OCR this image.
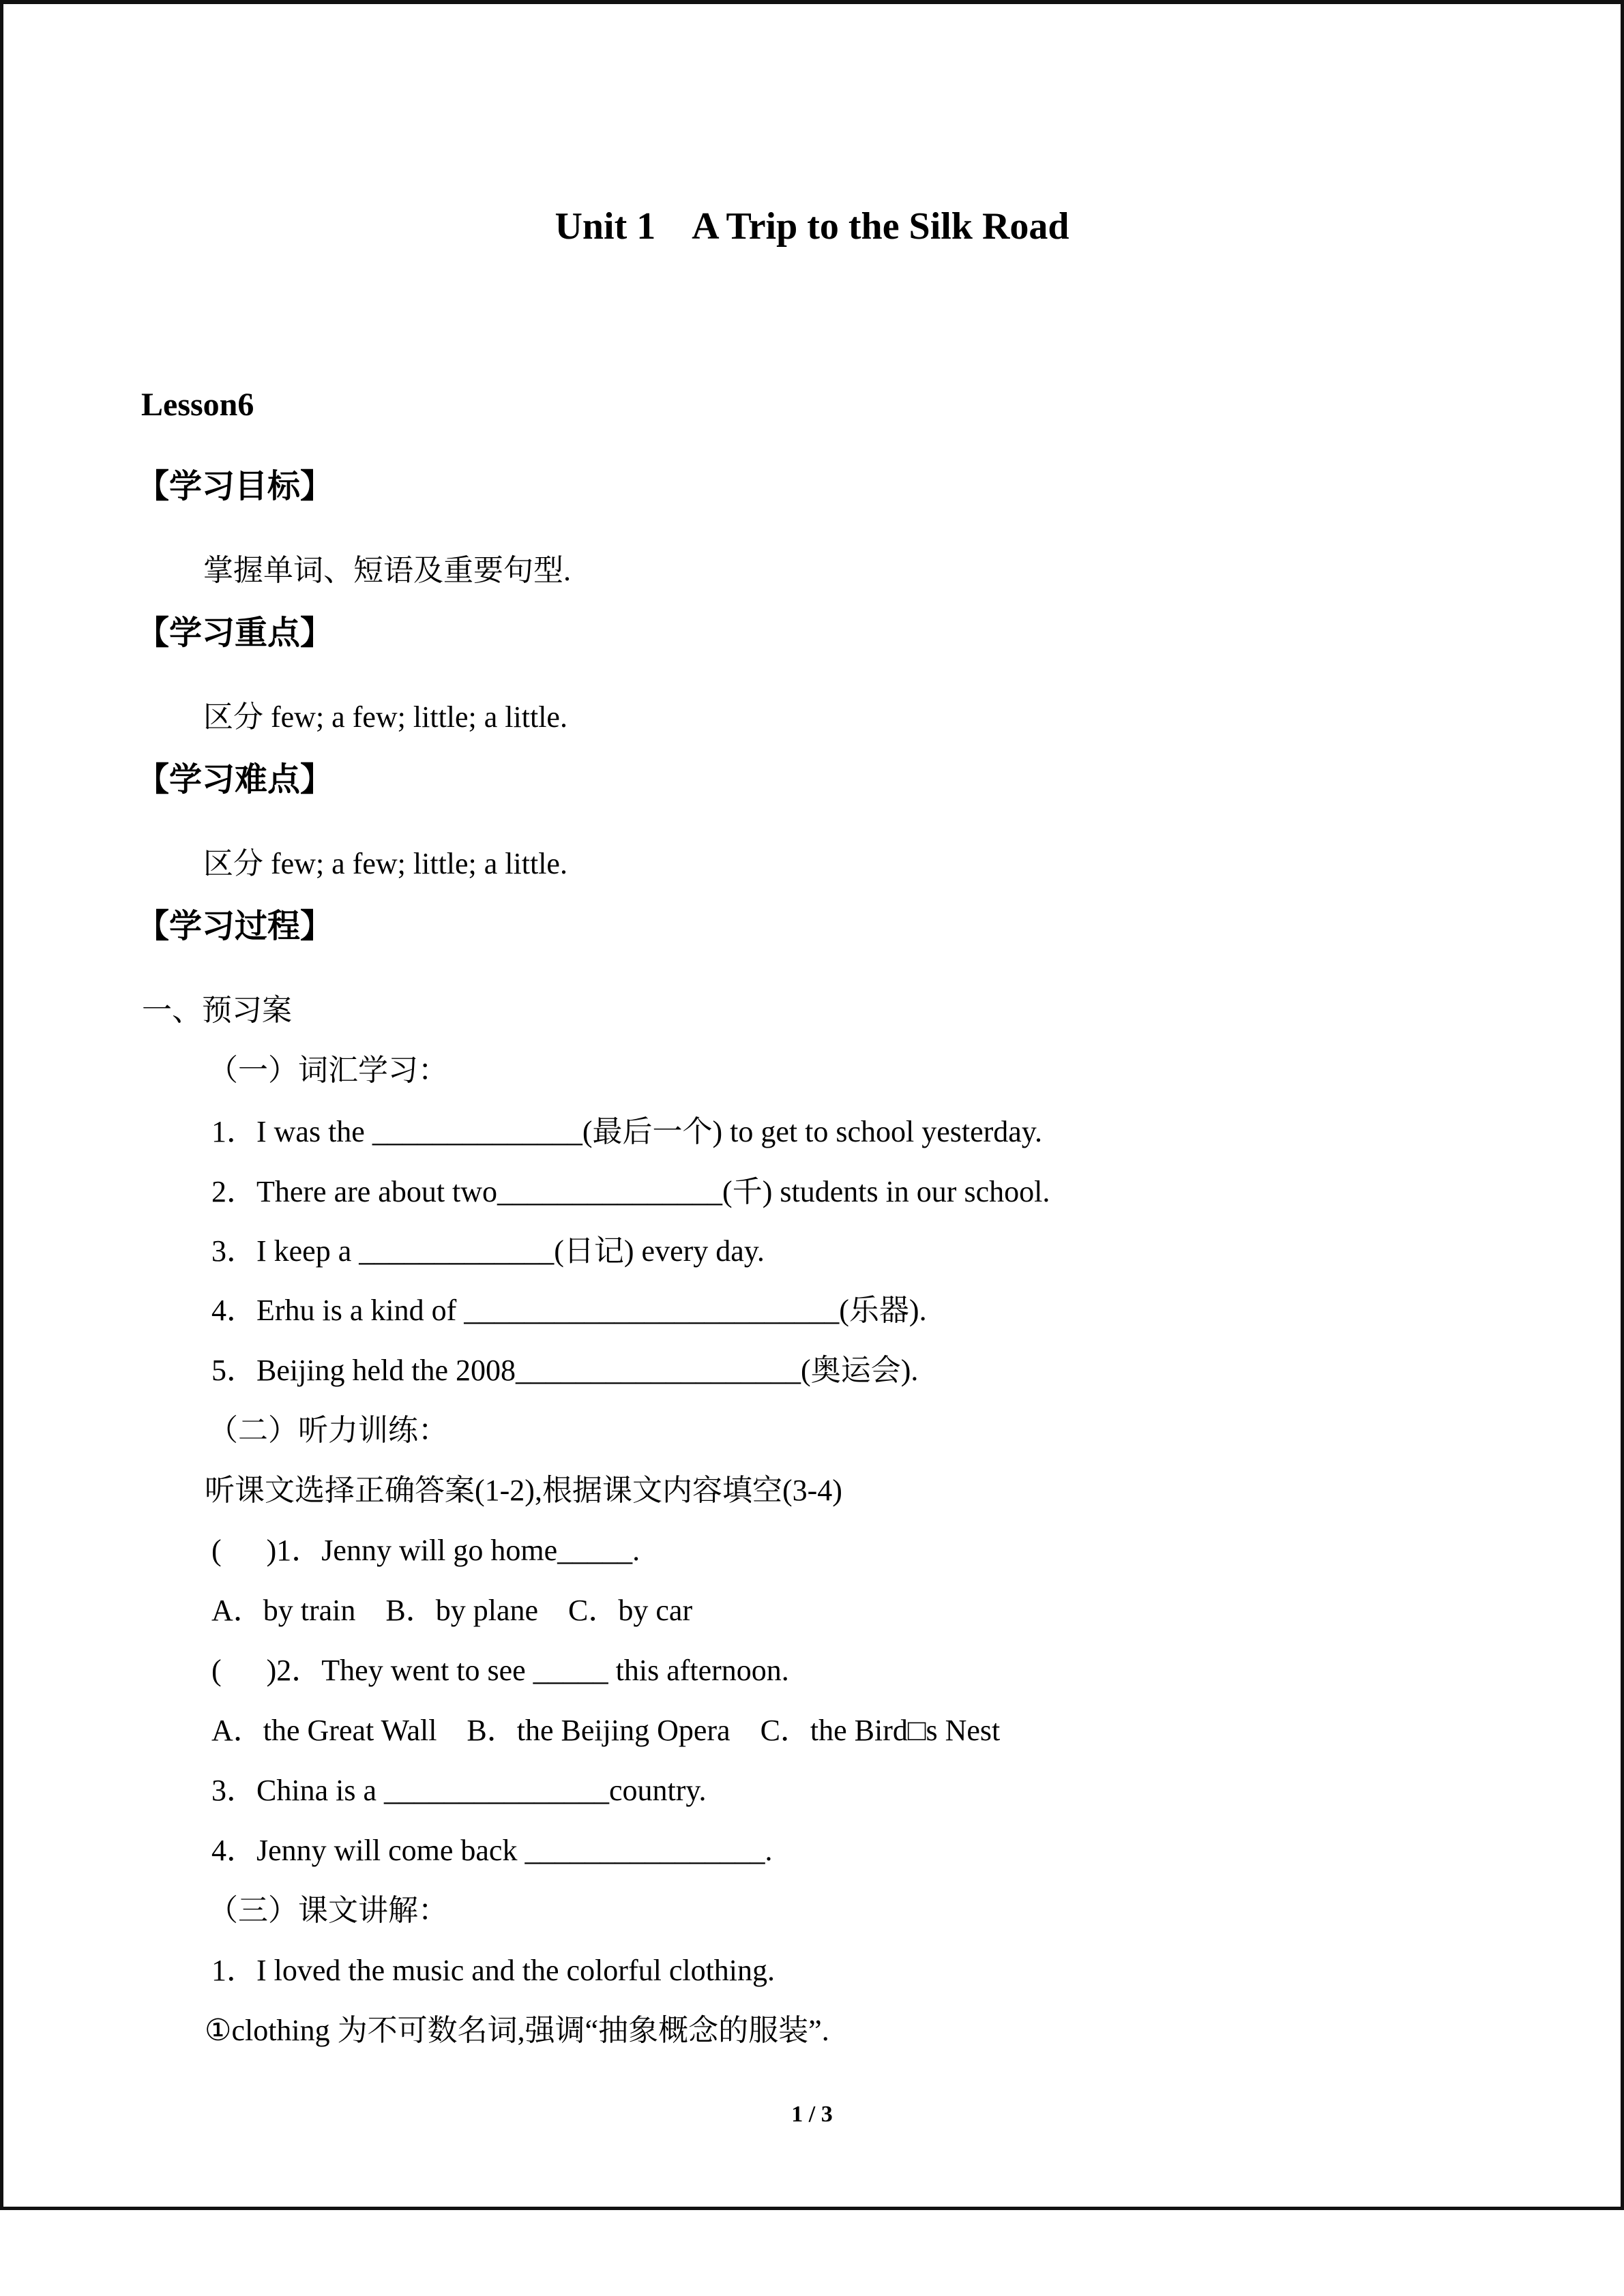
Unit 1    A Trip to the Silk Road
Lesson6
【学习目标】
掌握单词、短语及重要句型.
【学习重点】
区分 few; a few; little; a little.
【学习难点】
区分 few; a few; little; a little.
【学习过程】
一、预习案
（一）词汇学习：
1．I was the ______________(最后一个) to get to school yesterday.
2．There are about two_______________(千) students in our school.
3．I keep a _____________(日记) every day.
4．Erhu is a kind of _________________________(乐器).
5．Beijing held the 2008___________________(奥运会).
（二）听力训练：
听课文选择正确答案(1-2),根据课文内容填空(3-4)
(      )1．Jenny will go home_____.
A．by train    B．by plane    C．by car
(      )2．They went to see _____ this afternoon.
A．the Great Wall    B．the Beijing Opera    C．the Bird□s Nest
3．China is a _______________country.
4．Jenny will come back ________________.
（三）课文讲解：
1．I loved the music and the colorful clothing.
①clothing 为不可数名词,强调“抽象概念的服装”.
1 / 3
